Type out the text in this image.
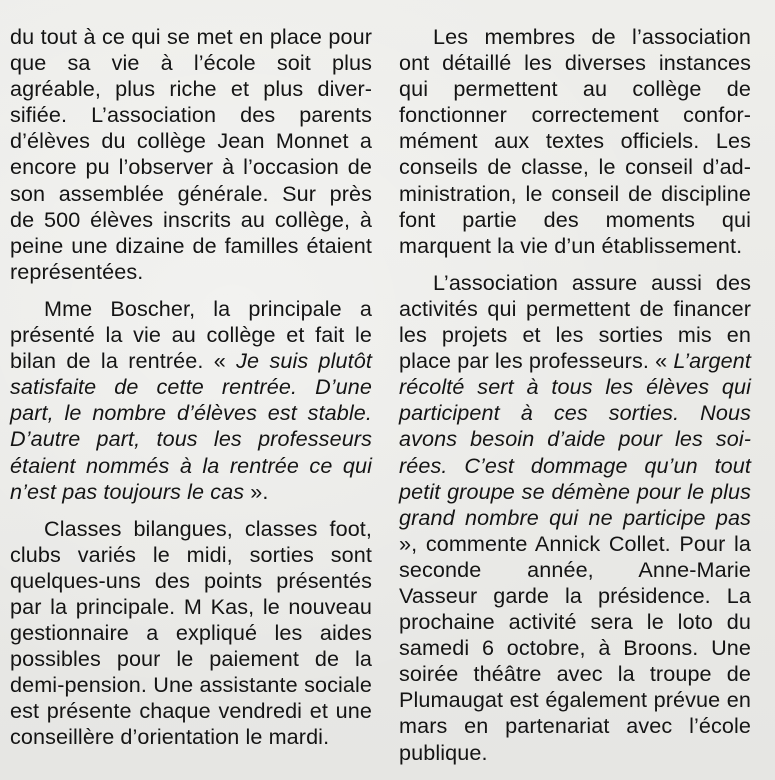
du tout à ce qui se met en place pour que sa vie à l’école soit plus agréable, plus riche et plus diversifiée. L’association des parents d’élèves du collège Jean Monnet a encore pu l’observer à l’occasion de son assemblée générale. Sur près de 500 élèves inscrits au collège, à peine une dizaine de familles étaient représentées.

Mme Boscher, la principale a présenté la vie au collège et fait le bilan de la rentrée. « Je suis plutôt satisfaite de cette rentrée. D’une part, le nombre d’élèves est stable. D’autre part, tous les professeurs étaient nommés à la rentrée ce qui n’est pas toujours le cas ».

Classes bilangues, classes foot, clubs variés le midi, sorties sont quelques-uns des points présentés par la principale. M Kas, le nouveau gestionnaire a expliqué les aides possibles pour le paiement de la demi-pension. Une assistante sociale est présente chaque vendredi et une conseillère d’orientation le mardi.

Les membres de l’association ont détaillé les diverses instances qui permettent au collège de fonctionner correctement conformément aux textes officiels. Les conseils de classe, le conseil d’administration, le conseil de discipline font partie des moments qui marquent la vie d’un établissement.

L’association assure aussi des activités qui permettent de financer les projets et les sorties mis en place par les professeurs. « L’argent récolté sert à tous les élèves qui participent à ces sorties. Nous avons besoin d’aide pour les soirées. C’est dommage qu’un tout petit groupe se démène pour le plus grand nombre qui ne participe pas », commente Annick Collet. Pour la seconde année, Anne-Marie Vasseur garde la présidence. La prochaine activité sera le loto du samedi 6 octobre, à Broons. Une soirée théâtre avec la troupe de Plumaugat est également prévue en mars en partenariat avec l’école publique.
